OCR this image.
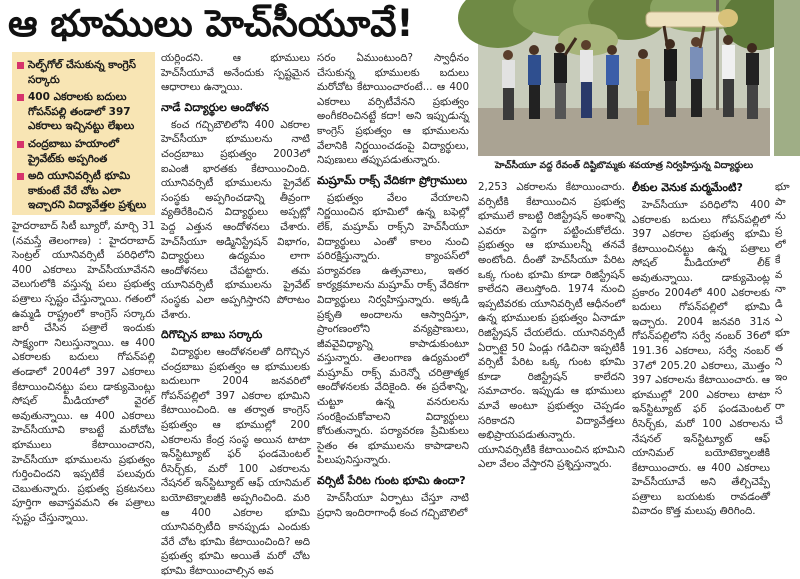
ఆ భూములు హెచ్‌సీయూవే!
సెల్ఫ్‌గోల్ చేసుకున్న కాంగ్రెస్ సర్కారు
400 ఎకరాలకు బదులు గోపన్‌పల్లి తండాలో 397 ఎకరాలు ఇచ్చినట్టు లేఖలు
చంద్రబాబు హయాంలో ప్రైవేట్‌కు అప్పగింత
అది యూనివర్సిటీ భూమి కాకుంటే వేరే చోట ఎలా ఇచ్చారని విద్యావేత్తల ప్రశ్నలు

హైదరాబాద్ సిటీ బ్యూరో, మార్చి 31 (నమస్తే తెలంగాణ) : హైదరాబాద్ సెంట్రల్ యూనివర్సిటీ పరిధిలోని 400 ఎకరాలు హెచ్‌సీయూవేనని వెలుగులోకి వస్తున్న పలు ప్రభుత్వ పత్రాలు స్పష్టం చేస్తున్నాయి. గతంలో ఉమ్మడి రాష్ట్రంలో కాంగ్రెస్ సర్కారు జారీ చేసిన పత్రాలే ఇందుకు సాక్ష్యంగా నిలుస్తున్నాయి. ఆ 400 ఎకరాలకు బదులు గోపన్‌పల్లి తండాలో 2004లో 397 ఎకరాలు కేటాయించినట్టు పలు డాక్యుమెంట్లు సోషల్ మీడియాలో వైరల్ అవుతున్నాయి. ఆ 400 ఎకరాలు హెచ్‌సీయూవి కాబట్టే మరోచోట భూములు కేటాయించారని, హెచ్‌సీయూ భూములను ప్రభుత్వం గుర్తించిందని ఇప్పటికే పలువురు చెబుతున్నారు. ప్రభుత్వ ప్రకటనలు పూర్తిగా అవాస్తవమని ఈ పత్రాలు స్పష్టం చేస్తున్నాయి.

యర్లిందని. ఆ భూములు హెచ్‌సీయూవే అనేందుకు స్పష్టమైన ఆధారాలు ఉన్నాయి.

నాడే విద్యార్థుల ఆందోళన

కంచ గచ్చిబౌలిలోని 400 ఎకరాల హెచ్‌సీయూ భూములను నాటి చంద్రబాబు ప్రభుత్వం 2003లో ఐఎంజీ భారతకు కేటాయించింది. యూనివర్సిటీ భూములను ప్రైవేట్ సంస్థకు అప్పగించడాన్ని తీవ్రంగా వ్యతిరేకించిన విద్యార్థులు అప్పట్లో పెద్ద ఎత్తున ఆందోళనలు చేశారు. హెచ్‌సీయూ అడ్మినిస్ట్రేషన్ విభాగం, విద్యార్థులు ఉద్యమం లాగా ఆందోళనలు చేపట్టారు. తమ యూనివర్సిటీ భూములను ప్రైవేట్ సంస్థకు ఎలా అప్పగిస్తారని పోరాటం చేశారు.

దిగొచ్చిన బాబు సర్కారు

విద్యార్థుల ఆందోళనలతో దిగొచ్చిన చంద్రబాబు ప్రభుత్వం ఆ భూములకు బదులుగా 2004 జనవరిలో గోపన్‌పల్లిలో 397 ఎకరాల భూమిని కేటాయించింది. ఆ తర్వాత కాంగ్రెస్ ప్రభుత్వం ఆ భూముల్లో 200 ఎకరాలను కేంద్ర సంస్థ అయిన టాటా ఇన్‌స్టిట్యూట్ ఫర్ ఫండమెంటల్ రీసెర్చ్‌కు, మరో 100 ఎకరాలను నేషనల్ ఇన్‌స్టిట్యూట్ ఆఫ్ యానిమల్ బయోటెక్నాలజీకి అప్పగించింది. మరి ఆ 400 ఎకరాల భూమి యూనివర్సిటీది కానప్పుడు ఎందుకు వేరే చోట భూమి కేటాయించింది? అది ప్రభుత్వ భూమి అయితే మరో చోట భూమి కేటాయించాల్సిన అవ

సరం ఏముంటుంది? స్వాధీనం చేసుకున్న భూములకు బదులు మరోచోట కేటాయించారంటే... ఆ 400 ఎకరాలు వర్సిటీవేనని ప్రభుత్వం అంగీకరించినట్టే కదా! అని ఇప్పుడున్న కాంగ్రెస్ ప్రభుత్వం ఆ భూములను వేలానికి నిర్ణయించడంపై విద్యార్థులు, నిపుణులు తప్పుపడుతున్నారు.

మష్రూమ్ రాక్స్ వేదికగా ప్రోగ్రాములు

ప్రభుత్వం వేలం వేయాలని నిర్ణయించిన భూమిలో ఉన్న బఫెల్లో లేక్, మష్రూమ్ రాక్స్‌ని హెచ్‌సీయూ విద్యార్థులు ఎంతో కాలం నుంచి పరిరక్షిస్తున్నారు. క్యాంపస్‌లో పర్యావరణ ఉత్సవాలు, ఇతర కార్యక్రమాలను మష్రూమ్ రాక్స్ వేదికగా విద్యార్థులు నిర్వహిస్తున్నారు. అక్కడి ప్రకృతి అందాలను ఆస్వాదిస్తూ, ప్రాంగణంలోని వన్యప్రాణులు, జీవవైవిధ్యాన్ని కాపాడుకుంటూ వస్తున్నారు. తెలంగాణ ఉద్యమంలో మష్రూమ్ రాక్స్ మరెన్నో చరిత్రాత్మక ఆందోళనలకు వేదికైంది. ఈ ప్రదేశాన్ని, చుట్టూ ఉన్న వనరులను సంరక్షించుకోవాలని విద్యార్థులు కోరుతున్నారు. పర్యావరణ ప్రేమికులు సైతం ఈ భూములను కాపాడాలని పిలుపునిస్తున్నారు.

వర్సిటీ పేరిట గుంట భూమి ఉందా?

హెచ్‌సీయూ ఏర్పాటు చేస్తూ నాటి ప్రధాని ఇందిరాగాంధీ కంచ గచ్చిబౌలిలో

హెచ్‌సీయూ వద్ద రేవంత్ దిష్టిబొమ్మకు శవయాత్ర నిర్వహిస్తున్న విద్యార్థులు

2,253 ఎకరాలను కేటాయించారు. వర్సిటీకి కేటాయించిన ప్రభుత్వ భూములే కాబట్టి రిజిస్ట్రేషన్ అంశాన్ని ఎవరూ పెద్దగా పట్టించుకోలేదు. ప్రభుత్వం ఆ భూములన్నీ తనవే అంటోంది. దీంతో హెచ్‌సీయూ పేరిట ఒక్క గుంట భూమి కూడా రిజిస్ట్రేషన్ కాలేదని తెలుస్తోంది. 1974 నుంచి ఇప్పటివరకు యూనివర్సిటీ ఆధీనంలో ఉన్న భూములకు ప్రభుత్వం ఏనాడూ రిజిస్ట్రేషన్ చేయలేదు. యూనివర్సిటీ ఏర్పాటై 50 ఏండ్లు గడిచినా ఇప్పటికీ వర్సిటీ పేరిట ఒక్క గుంట భూమి కూడా రిజిస్ట్రేషన్ కాలేదని సమాచారం. ఇప్పుడు ఆ భూములు మావే అంటూ ప్రభుత్వం చెప్పడం సరికాదని విద్యావేత్తలు అభిప్రాయపడుతున్నారు. యూనివర్సిటీకి కేటాయించిన భూమిని ఎలా వేలం వేస్తారని ప్రశ్నిస్తున్నారు.

లీకుల వెనుక మర్మమేంటి?

హెచ్‌సీయూ పరిధిలోని 400 ఎకరాలకు బదులు గోపన్‌పల్లిలో 397 ఎకరాల ప్రభుత్వ భూమి కేటాయించినట్టు ఉన్న పత్రాలు సోషల్ మీడియాలో లీక్ అవుతున్నాయి. డాక్యుమెంట్ల ప్రకారం 2004లో 400 ఎకరాలకు బదులు గోపన్‌పల్లిలో భూమి ఇచ్చారు. 2004 జనవరి 31న గోపన్‌పల్లిలోని సర్వే నంబర్ 36లో 191.36 ఎకరాలు, సర్వే నంబర్ 37లో 205.20 ఎకరాలు, మొత్తం 397 ఎకరాలను కేటాయించారు. ఆ భూముల్లో 200 ఎకరాలు టాటా ఇన్‌స్టిట్యూట్ ఫర్ ఫండమెంటల్ రీసెర్చ్‌కు, మరో 100 ఎకరాలను నేషనల్ ఇన్‌స్టిట్యూట్ ఆఫ్ యానిమల్ బయోటెక్నాలజీకి కేటాయించారు. ఆ 400 ఎకరాలు హెచ్‌సీయూవే అని తేల్చిచెప్పే పత్రాలు బయటకు రావడంతో వివాదం కొత్త మలుపు తిరిగింది.

భూ
పా
ను
ప్ర
లో
కే
వ
నా
డి
ఎ
భూ
త
ని
ఇం
స
రా
చే
